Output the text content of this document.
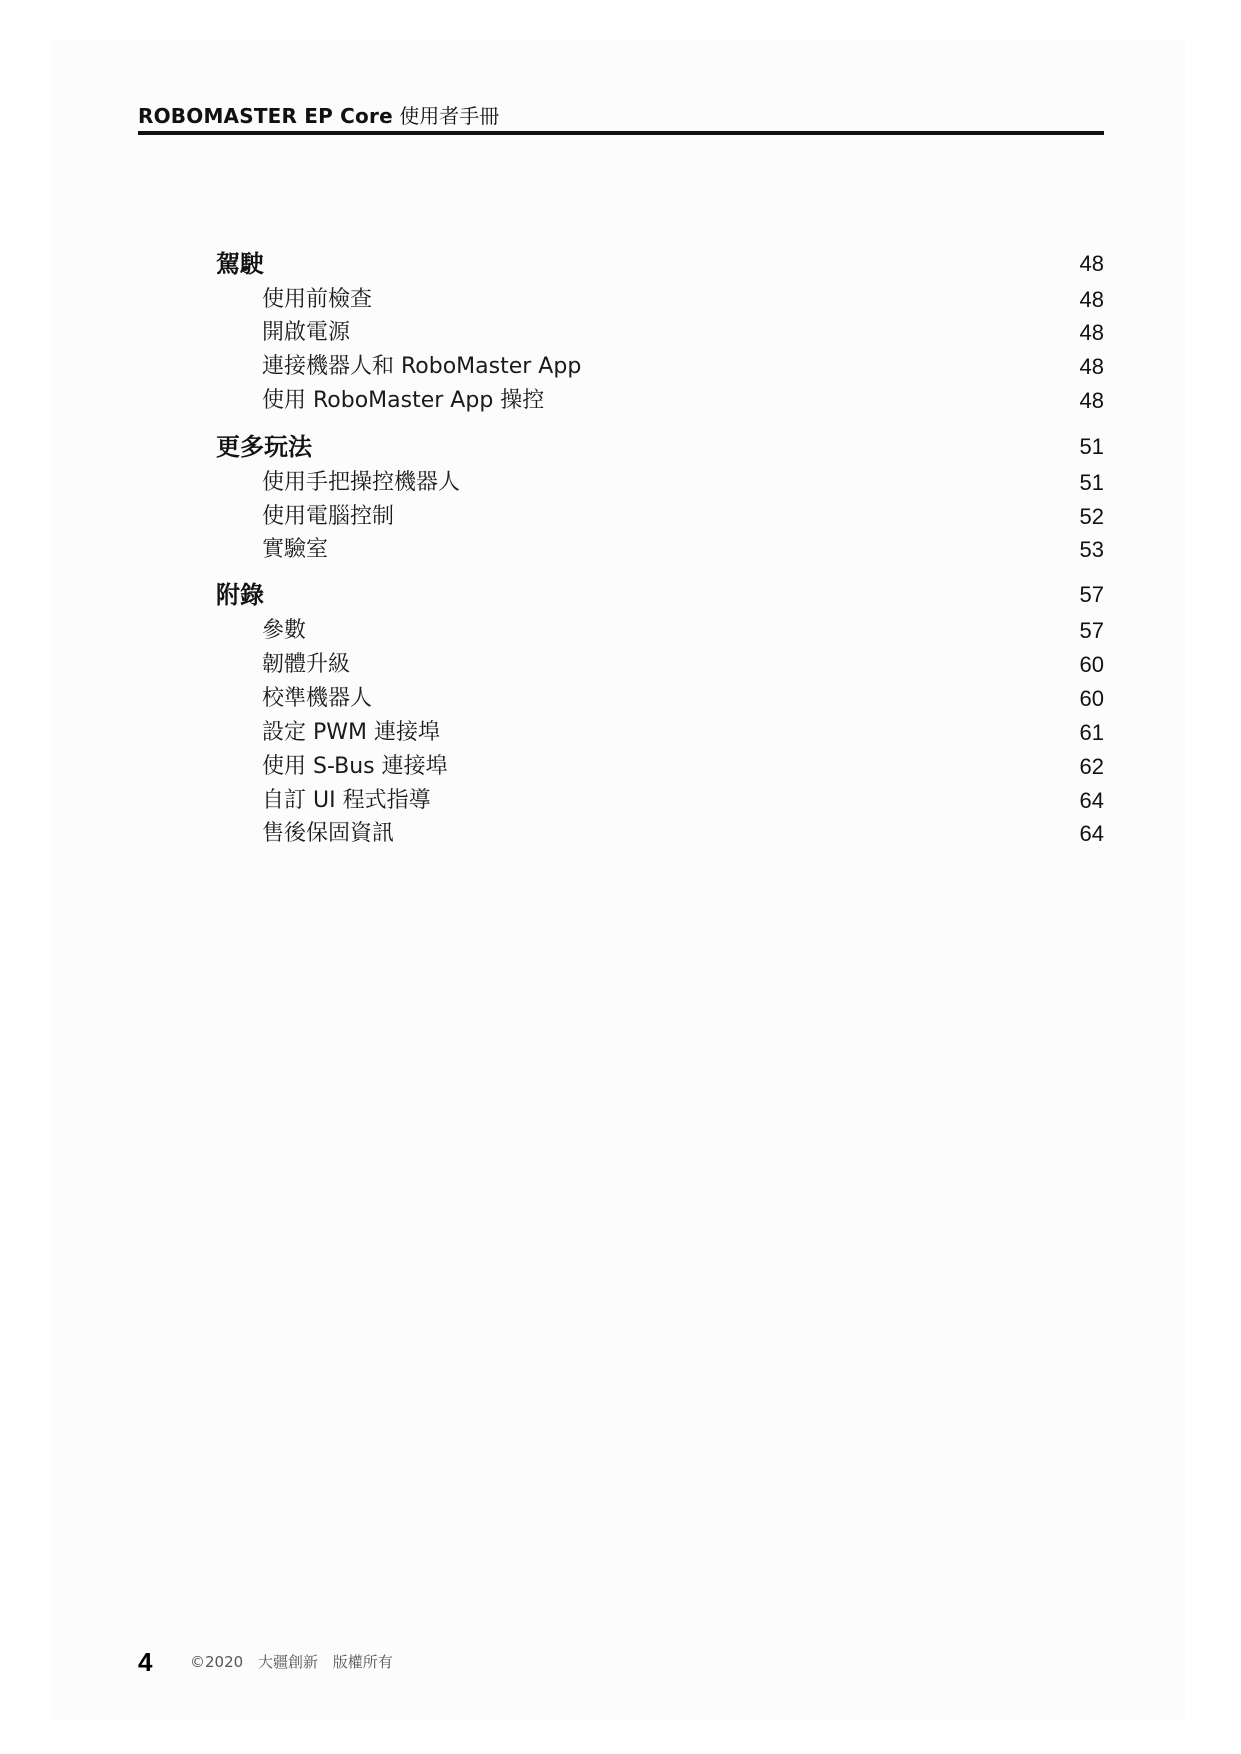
ROBOMASTER EP Core 使用者手冊
駕駛	48
使用前檢查	48
開啟電源	48
連接機器人和 RoboMaster App	48
使用 RoboMaster App 操控	48
更多玩法	51
使用手把操控機器人	51
使用電腦控制	52
實驗室	53
附錄	57
參數	57
韌體升級	60
校準機器人	60
設定 PWM 連接埠	61
使用 S-Bus 連接埠	62
自訂 UI 程式指導	64
售後保固資訊	64
4	©2020 大疆創新 版權所有
